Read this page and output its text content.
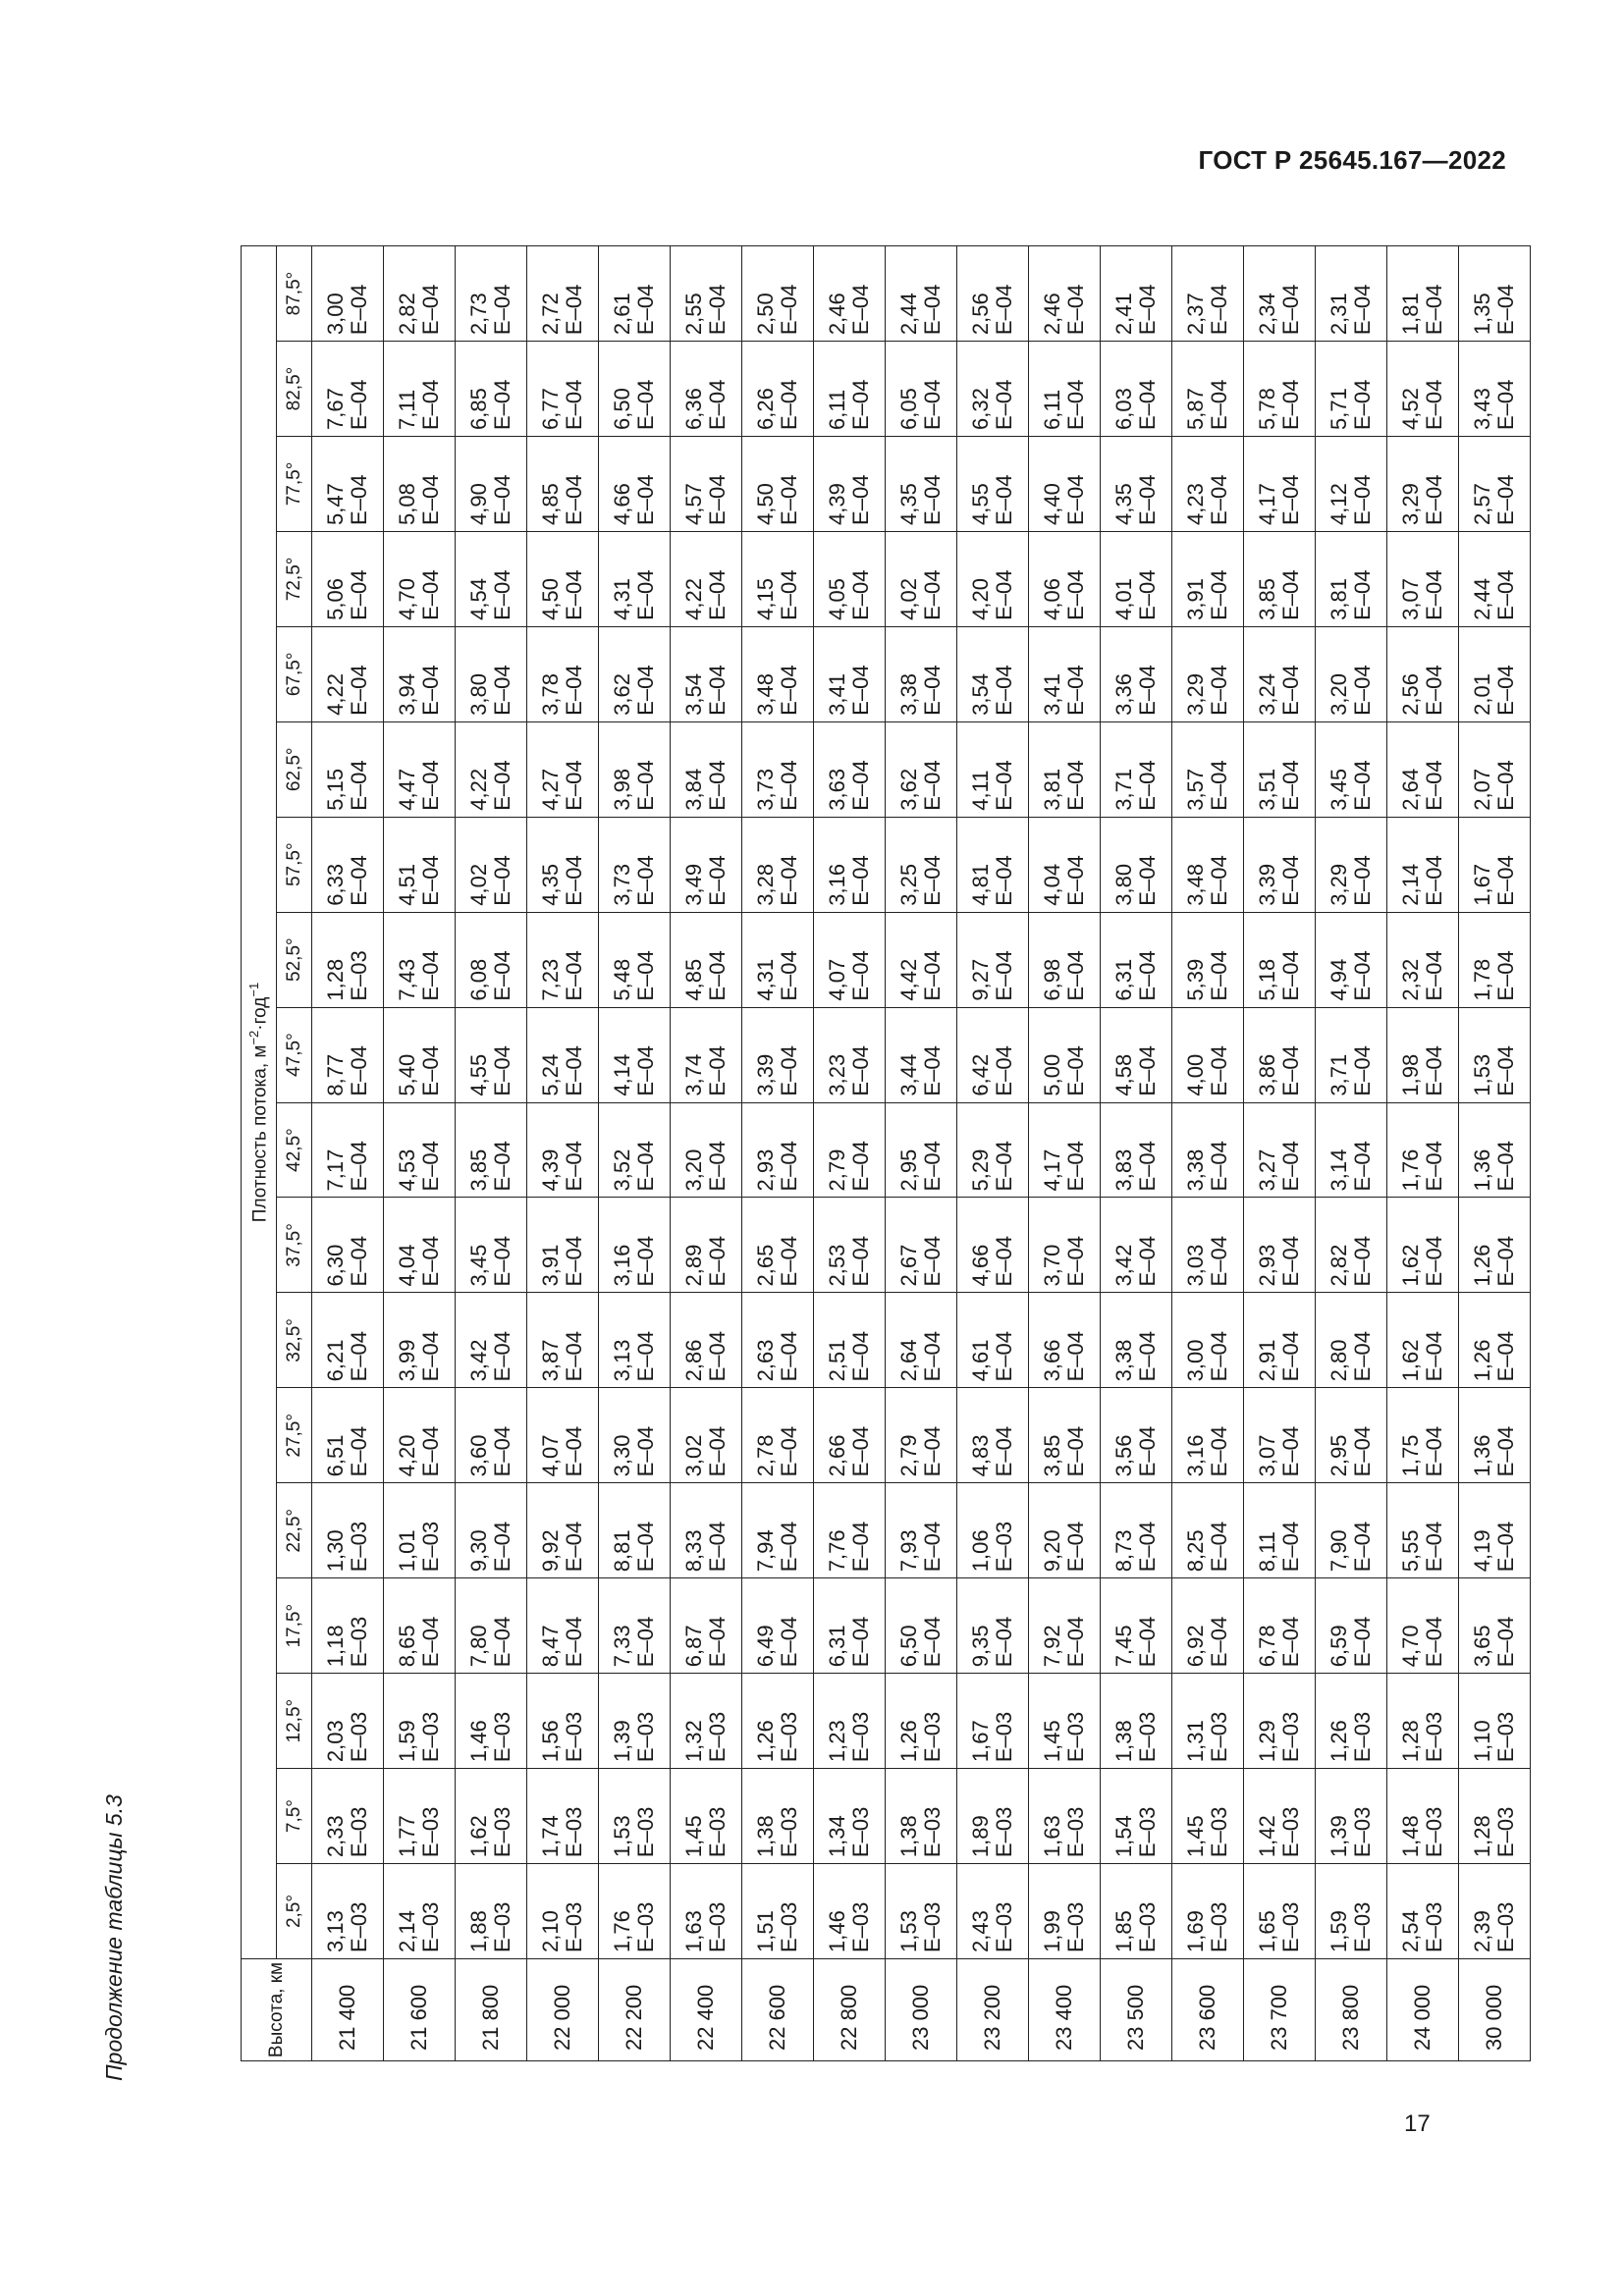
ГОСТ Р 25645.167—2022
Продолжение таблицы 5.3	Высота, км	Плотность потока, $м^{-2}\cdot год^{-1}$
	2,5°	7,5°	12,5°	17,5°	22,5°	27,5°	32,5°	37,5°	42,5°	47,5°	52,5°	57,5°	62,5°	67,5°	72,5°	77,5°	82,5°	87,5°
21 400	3,13 E–03	2,33 E–03	2,03 E–03	1,18 E–03	1,30 E–03	6,51 E–04	6,21 E–04	6,30 E–04	7,17 E–04	8,77 E–04	1,28 E–03	6,33 E–04	5,15 E–04	4,22 E–04	5,06 E–04	5,47 E–04	7,67 E–04	3,00 E–04

21 600	2,14 E–03	1,77 E–03	1,59 E–03	8,65 E–04	1,01 E–03	4,20 E–04	3,99 E–04	4,04 E–04	4,53 E–04	5,40 E–04	7,43 E–04	4,51 E–04	4,47 E–04	3,94 E–04	4,70 E–04	5,08 E–04	7,11 E–04	2,82 E–04

21 800	1,88 E–03	1,62 E–03	1,46 E–03	7,80 E–04	9,30 E–04	3,60 E–04	3,42 E–04	3,45 E–04	3,85 E–04	4,55 E–04	6,08 E–04	4,02 E–04	4,22 E–04	3,80 E–04	4,54 E–04	4,90 E–04	6,85 E–04	2,73 E–04

22 000	2,10 E–03	1,74 E–03	1,56 E–03	8,47 E–04	9,92 E–04	4,07 E–04	3,87 E–04	3,91 E–04	4,39 E–04	5,24 E–04	7,23 E–04	4,35 E–04	4,27 E–04	3,78 E–04	4,50 E–04	4,85 E–04	6,77 E–04	2,72 E–04

22 200	1,76 E–03	1,53 E–03	1,39 E–03	7,33 E–04	8,81 E–04	3,30 E–04	3,13 E–04	3,16 E–04	3,52 E–04	4,14 E–04	5,48 E–04	3,73 E–04	3,98 E–04	3,62 E–04	4,31 E–04	4,66 E–04	6,50 E–04	2,61 E–04

22 400	1,63 E–03	1,45 E–03	1,32 E–03	6,87 E–04	8,33 E–04	3,02 E–04	2,86 E–04	2,89 E–04	3,20 E–04	3,74 E–04	4,85 E–04	3,49 E–04	3,84 E–04	3,54 E–04	4,22 E–04	4,57 E–04	6,36 E–04	2,55 E–04

22 600	1,51 E–03	1,38 E–03	1,26 E–03	6,49 E–04	7,94 E–04	2,78 E–04	2,63 E–04	2,65 E–04	2,93 E–04	3,39 E–04	4,31 E–04	3,28 E–04	3,73 E–04	3,48 E–04	4,15 E–04	4,50 E–04	6,26 E–04	2,50 E–04

22 800	1,46 E–03	1,34 E–03	1,23 E–03	6,31 E–04	7,76 E–04	2,66 E–04	2,51 E–04	2,53 E–04	2,79 E–04	3,23 E–04	4,07 E–04	3,16 E–04	3,63 E–04	3,41 E–04	4,05 E–04	4,39 E–04	6,11 E–04	2,46 E–04

23 000	1,53 E–03	1,38 E–03	1,26 E–03	6,50 E–04	7,93 E–04	2,79 E–04	2,64 E–04	2,67 E–04	2,95 E–04	3,44 E–04	4,42 E–04	3,25 E–04	3,62 E–04	3,38 E–04	4,02 E–04	4,35 E–04	6,05 E–04	2,44 E–04

23 200	2,43 E–03	1,89 E–03	1,67 E–03	9,35 E–04	1,06 E–03	4,83 E–04	4,61 E–04	4,66 E–04	5,29 E–04	6,42 E–04	9,27 E–04	4,81 E–04	4,11 E–04	3,54 E–04	4,20 E–04	4,55 E–04	6,32 E–04	2,56 E–04

23 400	1,99 E–03	1,63 E–03	1,45 E–03	7,92 E–04	9,20 E–04	3,85 E–04	3,66 E–04	3,70 E–04	4,17 E–04	5,00 E–04	6,98 E–04	4,04 E–04	3,81 E–04	3,41 E–04	4,06 E–04	4,40 E–04	6,11 E–04	2,46 E–04

23 500	1,85 E–03	1,54 E–03	1,38 E–03	7,45 E–04	8,73 E–04	3,56 E–04	3,38 E–04	3,42 E–04	3,83 E–04	4,58 E–04	6,31 E–04	3,80 E–04	3,71 E–04	3,36 E–04	4,01 E–04	4,35 E–04	6,03 E–04	2,41 E–04

23 600	1,69 E–03	1,45 E–03	1,31 E–03	6,92 E–04	8,25 E–04	3,16 E–04	3,00 E–04	3,03 E–04	3,38 E–04	4,00 E–04	5,39 E–04	3,48 E–04	3,57 E–04	3,29 E–04	3,91 E–04	4,23 E–04	5,87 E–04	2,37 E–04

23 700	1,65 E–03	1,42 E–03	1,29 E–03	6,78 E–04	8,11 E–04	3,07 E–04	2,91 E–04	2,93 E–04	3,27 E–04	3,86 E–04	5,18 E–04	3,39 E–04	3,51 E–04	3,24 E–04	3,85 E–04	4,17 E–04	5,78 E–04	2,34 E–04

23 800	1,59 E–03	1,39 E–03	1,26 E–03	6,59 E–04	7,90 E–04	2,95 E–04	2,80 E–04	2,82 E–04	3,14 E–04	3,71 E–04	4,94 E–04	3,29 E–04	3,45 E–04	3,20 E–04	3,81 E–04	4,12 E–04	5,71 E–04	2,31 E–04

24 000	2,54 E–03	1,48 E–03	1,28 E–03	4,70 E–04	5,55 E–04	1,75 E–04	1,62 E–04	1,62 E–04	1,76 E–04	1,98 E–04	2,32 E–04	2,14 E–04	2,64 E–04	2,56 E–04	3,07 E–04	3,29 E–04	4,52 E–04	1,81 E–04

30 000	2,39 E–03	1,28 E–03	1,10 E–03	3,65 E–04	4,19 E–04	1,36 E–04	1,26 E–04	1,26 E–04	1,36 E–04	1,53 E–04	1,78 E–04	1,67 E–04	2,07 E–04	2,01 E–04	2,44 E–04	2,57 E–04	3,43 E–04	1,35 E–04
17
